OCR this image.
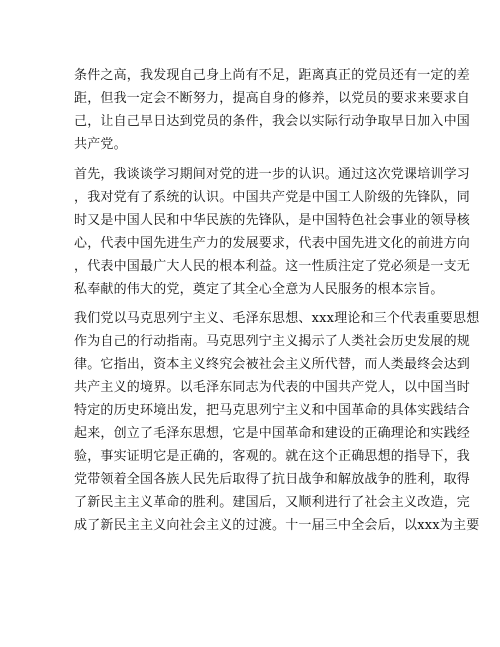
条件之高，我发现自己身上尚有不足，距离真正的党员还有一定的差
距，但我一定会不断努力，提高自身的修养，以党员的要求来要求自
己，让自己早日达到党员的条件，我会以实际行动争取早日加入中国
共产党。
首先，我谈谈学习期间对党的进一步的认识。通过这次党课培训学习
，我对党有了系统的认识。中国共产党是中国工人阶级的先锋队，同
时又是中国人民和中华民族的先锋队，是中国特色社会事业的领导核
心，代表中国先进生产力的发展要求，代表中国先进文化的前进方向
，代表中国最广大人民的根本利益。这一性质注定了党必须是一支无
私奉献的伟大的党，奠定了其全心全意为人民服务的根本宗旨。
我们党以马克思列宁主义、毛泽东思想、xxx理论和三个代表重要思想
作为自己的行动指南。马克思列宁主义揭示了人类社会历史发展的规
律。它指出，资本主义终究会被社会主义所代替，而人类最终会达到
共产主义的境界。以毛泽东同志为代表的中国共产党人，以中国当时
特定的历史环境出发，把马克思列宁主义和中国革命的具体实践结合
起来，创立了毛泽东思想，它是中国革命和建设的正确理论和实践经
验，事实证明它是正确的，客观的。就在这个正确思想的指导下，我
党带领着全国各族人民先后取得了抗日战争和解放战争的胜利，取得
了新民主主义革命的胜利。建国后，又顺利进行了社会主义改造，完
成了新民主主义向社会主义的过渡。十一届三中全会后，以xxx为主要
